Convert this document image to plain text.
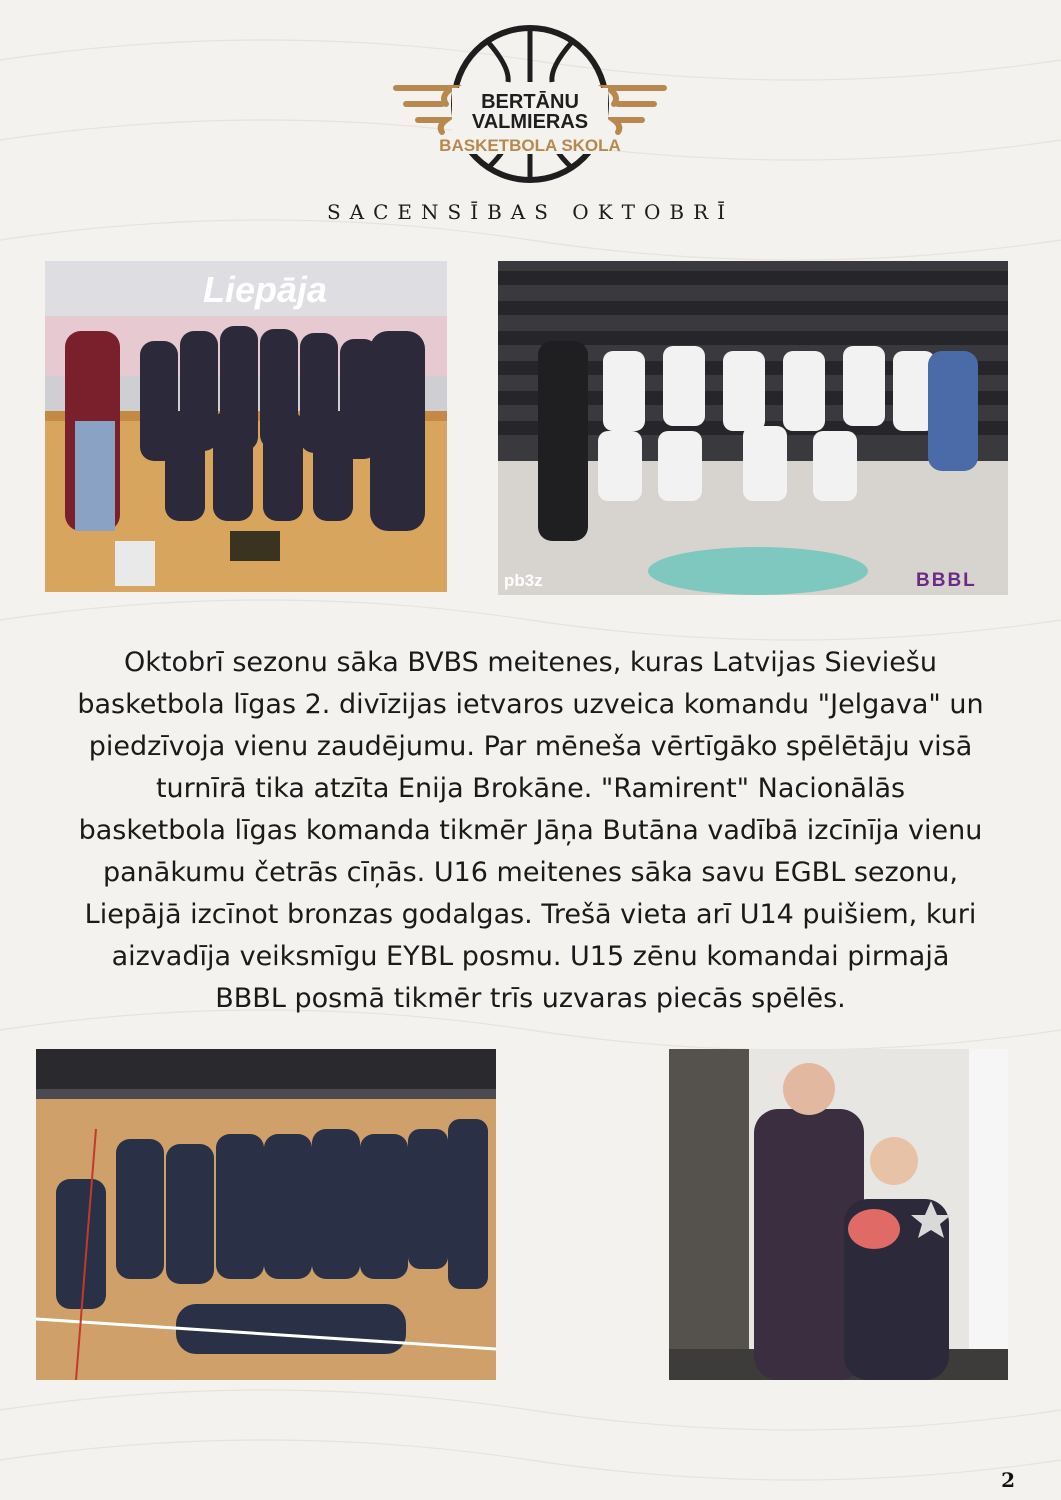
BERTĀNU
VALMIERAS
BASKETBOLA SKOLA
SACENSĪBAS OKTOBRĪ
Liepāja
pb3z	BBBL
Oktobrī sezonu sāka BVBS meitenes, kuras Latvijas Sieviešu
basketbola līgas 2. divīzijas ietvaros uzveica komandu "Jelgava" un
piedzīvoja vienu zaudējumu. Par mēneša vērtīgāko spēlētāju visā
turnīrā tika atzīta Enija Brokāne. "Ramirent" Nacionālās
basketbola līgas komanda tikmēr Jāņa Butāna vadībā izcīnīja vienu
panākumu četrās cīņās. U16 meitenes sāka savu EGBL sezonu,
Liepājā izcīnot bronzas godalgas. Trešā vieta arī U14 puišiem, kuri
aizvadīja veiksmīgu EYBL posmu. U15 zēnu komandai pirmajā
BBBL posmā tikmēr trīs uzvaras piecās spēlēs.
2
